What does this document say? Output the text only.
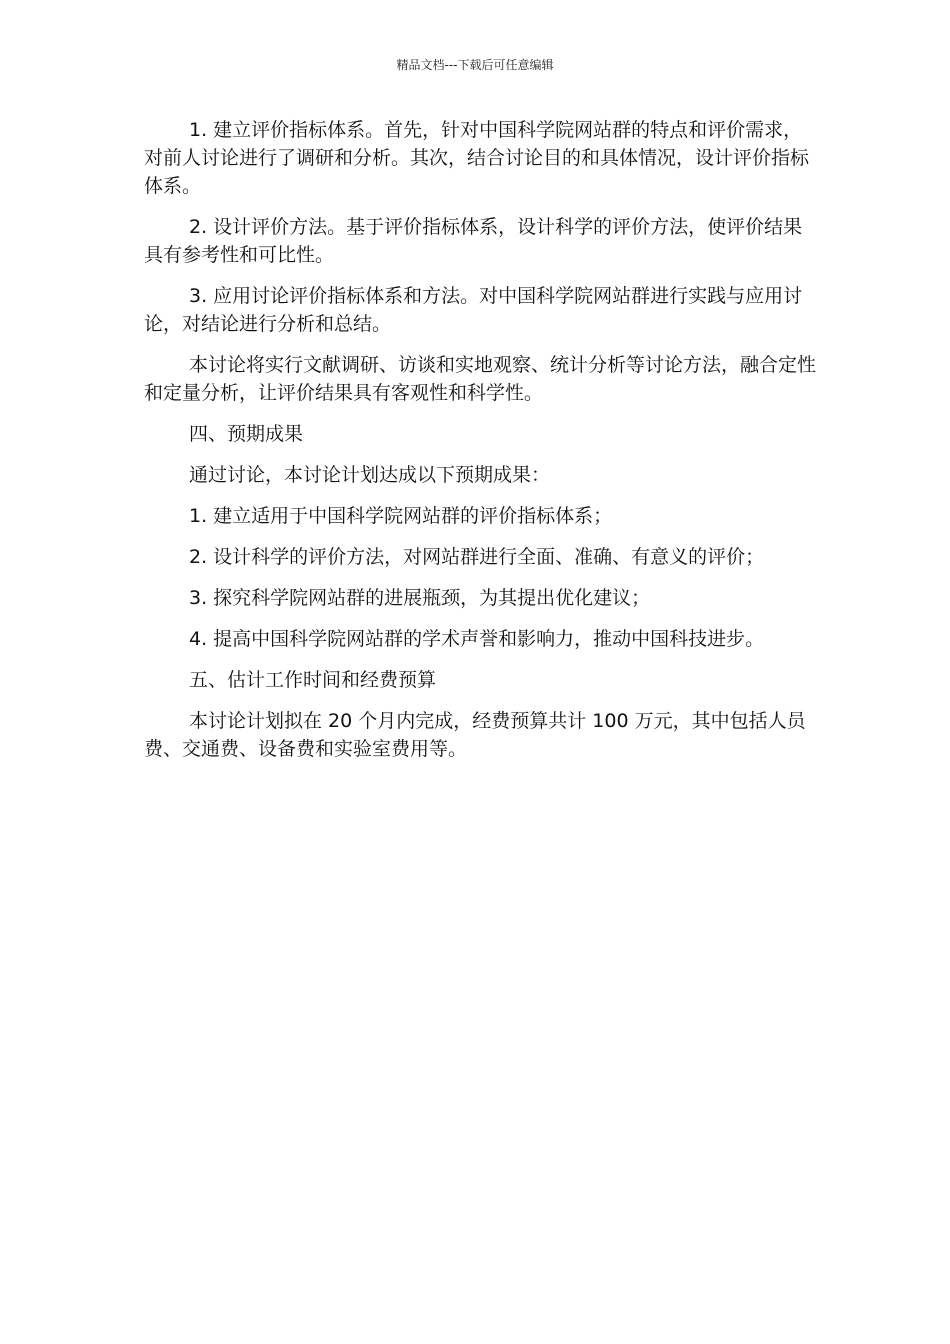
精品文档---下载后可任意编辑

1. 建立评价指标体系。首先，针对中国科学院网站群的特点和评价需求，对前人讨论进行了调研和分析。其次，结合讨论目的和具体情况，设计评价指标体系。

2. 设计评价方法。基于评价指标体系，设计科学的评价方法，使评价结果具有参考性和可比性。

3. 应用讨论评价指标体系和方法。对中国科学院网站群进行实践与应用讨论，对结论进行分析和总结。

本讨论将实行文献调研、访谈和实地观察、统计分析等讨论方法，融合定性和定量分析，让评价结果具有客观性和科学性。

四、预期成果

通过讨论，本讨论计划达成以下预期成果：

1. 建立适用于中国科学院网站群的评价指标体系；

2. 设计科学的评价方法，对网站群进行全面、准确、有意义的评价；

3. 探究科学院网站群的进展瓶颈，为其提出优化建议；

4. 提高中国科学院网站群的学术声誉和影响力，推动中国科技进步。

五、估计工作时间和经费预算

本讨论计划拟在 20 个月内完成，经费预算共计 100 万元，其中包括人员费、交通费、设备费和实验室费用等。
